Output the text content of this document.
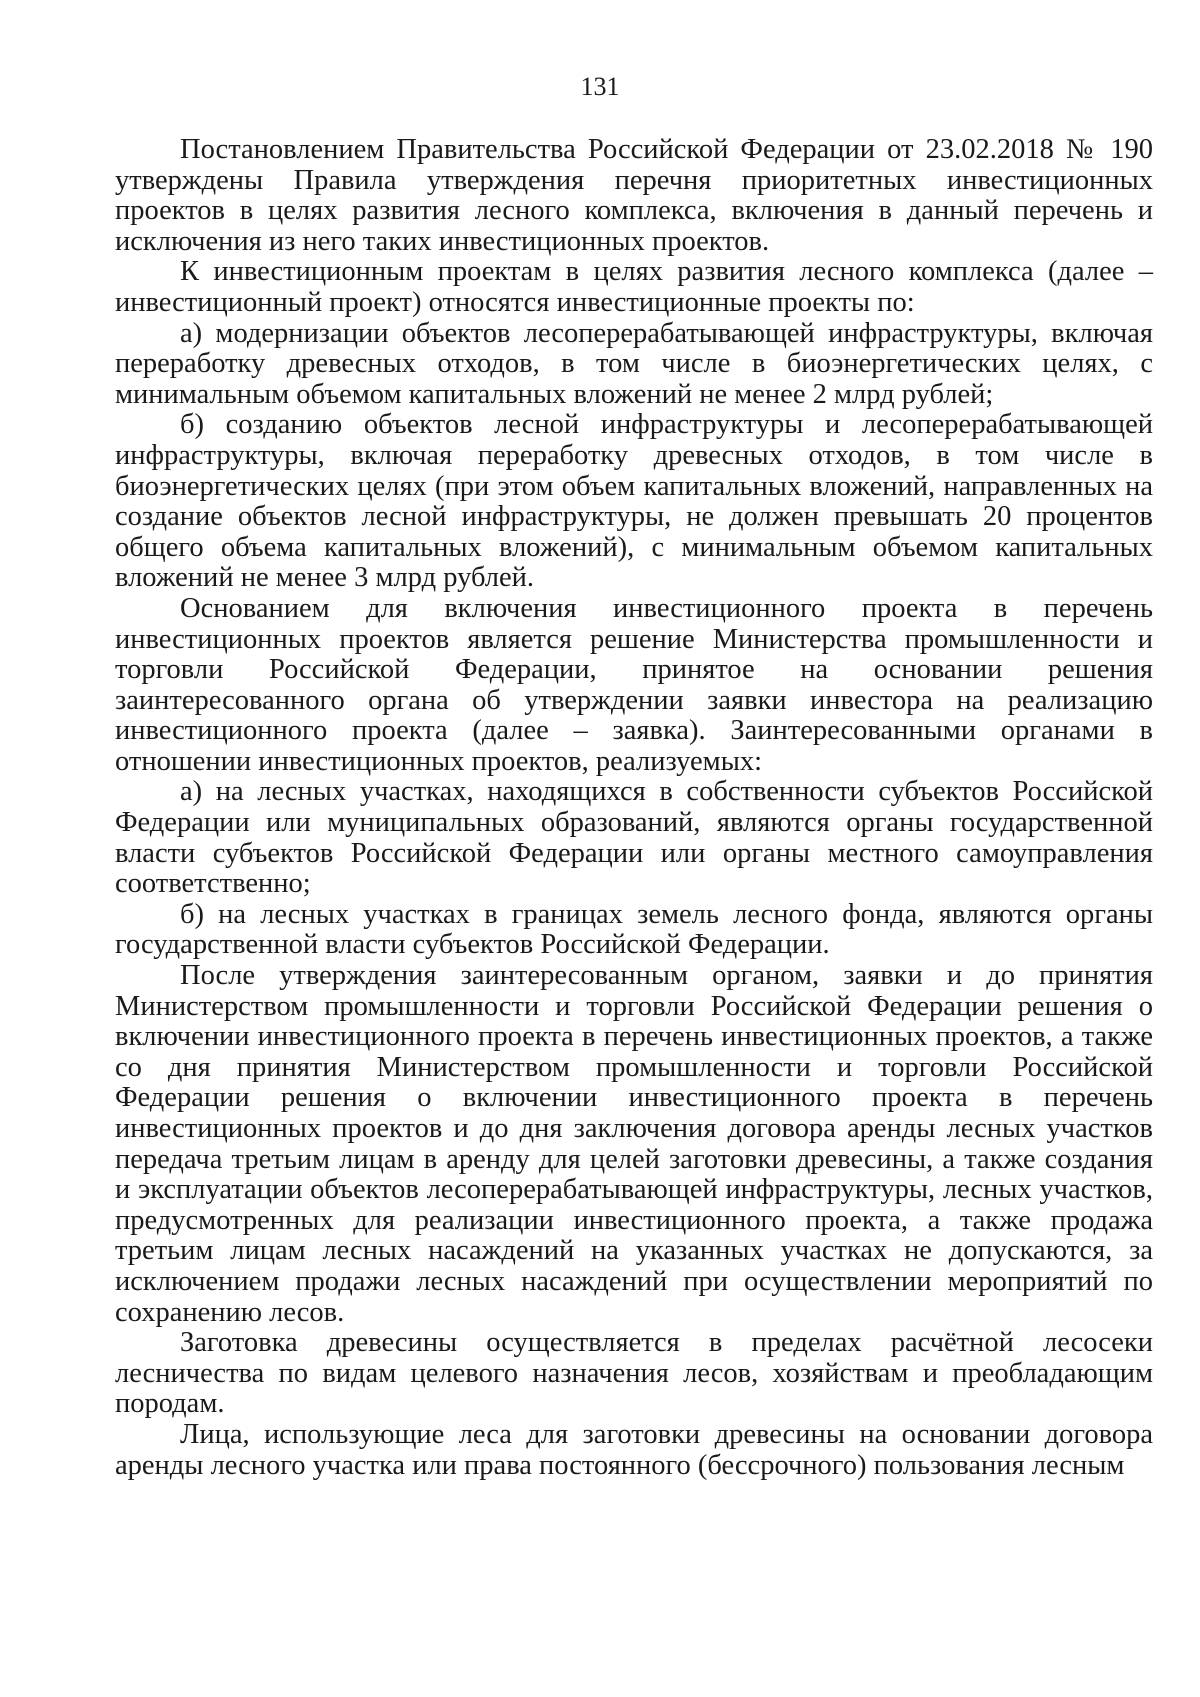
131

Постановлением Правительства Российской Федерации от 23.02.2018 № 190 утверждены Правила утверждения перечня приоритетных инвестиционных проектов в целях развития лесного комплекса, включения в данный перечень и исключения из него таких инвестиционных проектов.

К инвестиционным проектам в целях развития лесного комплекса (далее – инвестиционный проект) относятся инвестиционные проекты по:

а) модернизации объектов лесоперерабатывающей инфраструктуры, включая переработку древесных отходов, в том числе в биоэнергетических целях, с минимальным объемом капитальных вложений не менее 2 млрд рублей;

б) созданию объектов лесной инфраструктуры и лесоперерабатывающей инфраструктуры, включая переработку древесных отходов, в том числе в биоэнергетических целях (при этом объем капитальных вложений, направленных на создание объектов лесной инфраструктуры, не должен превышать 20 процентов общего объема капитальных вложений), с минимальным объемом капитальных вложений не менее 3 млрд рублей.

Основанием для включения инвестиционного проекта в перечень инвестиционных проектов является решение Министерства промышленности и торговли Российской Федерации, принятое на основании решения заинтересованного органа об утверждении заявки инвестора на реализацию инвестиционного проекта (далее – заявка). Заинтересованными органами в отношении инвестиционных проектов, реализуемых:

а) на лесных участках, находящихся в собственности субъектов Российской Федерации или муниципальных образований, являются органы государственной власти субъектов Российской Федерации или органы местного самоуправления соответственно;

б) на лесных участках в границах земель лесного фонда, являются органы государственной власти субъектов Российской Федерации.

После утверждения заинтересованным органом, заявки и до принятия Министерством промышленности и торговли Российской Федерации решения о включении инвестиционного проекта в перечень инвестиционных проектов, а также со дня принятия Министерством промышленности и торговли Российской Федерации решения о включении инвестиционного проекта в перечень инвестиционных проектов и до дня заключения договора аренды лесных участков передача третьим лицам в аренду для целей заготовки древесины, а также создания и эксплуатации объектов лесоперерабатывающей инфраструктуры, лесных участков, предусмотренных для реализации инвестиционного проекта, а также продажа третьим лицам лесных насаждений на указанных участках не допускаются, за исключением продажи лесных насаждений при осуществлении мероприятий по сохранению лесов.

Заготовка древесины осуществляется в пределах расчётной лесосеки лесничества по видам целевого назначения лесов, хозяйствам и преобладающим породам.

Лица, использующие леса для заготовки древесины на основании договора аренды лесного участка или права постоянного (бессрочного) пользования лесным
